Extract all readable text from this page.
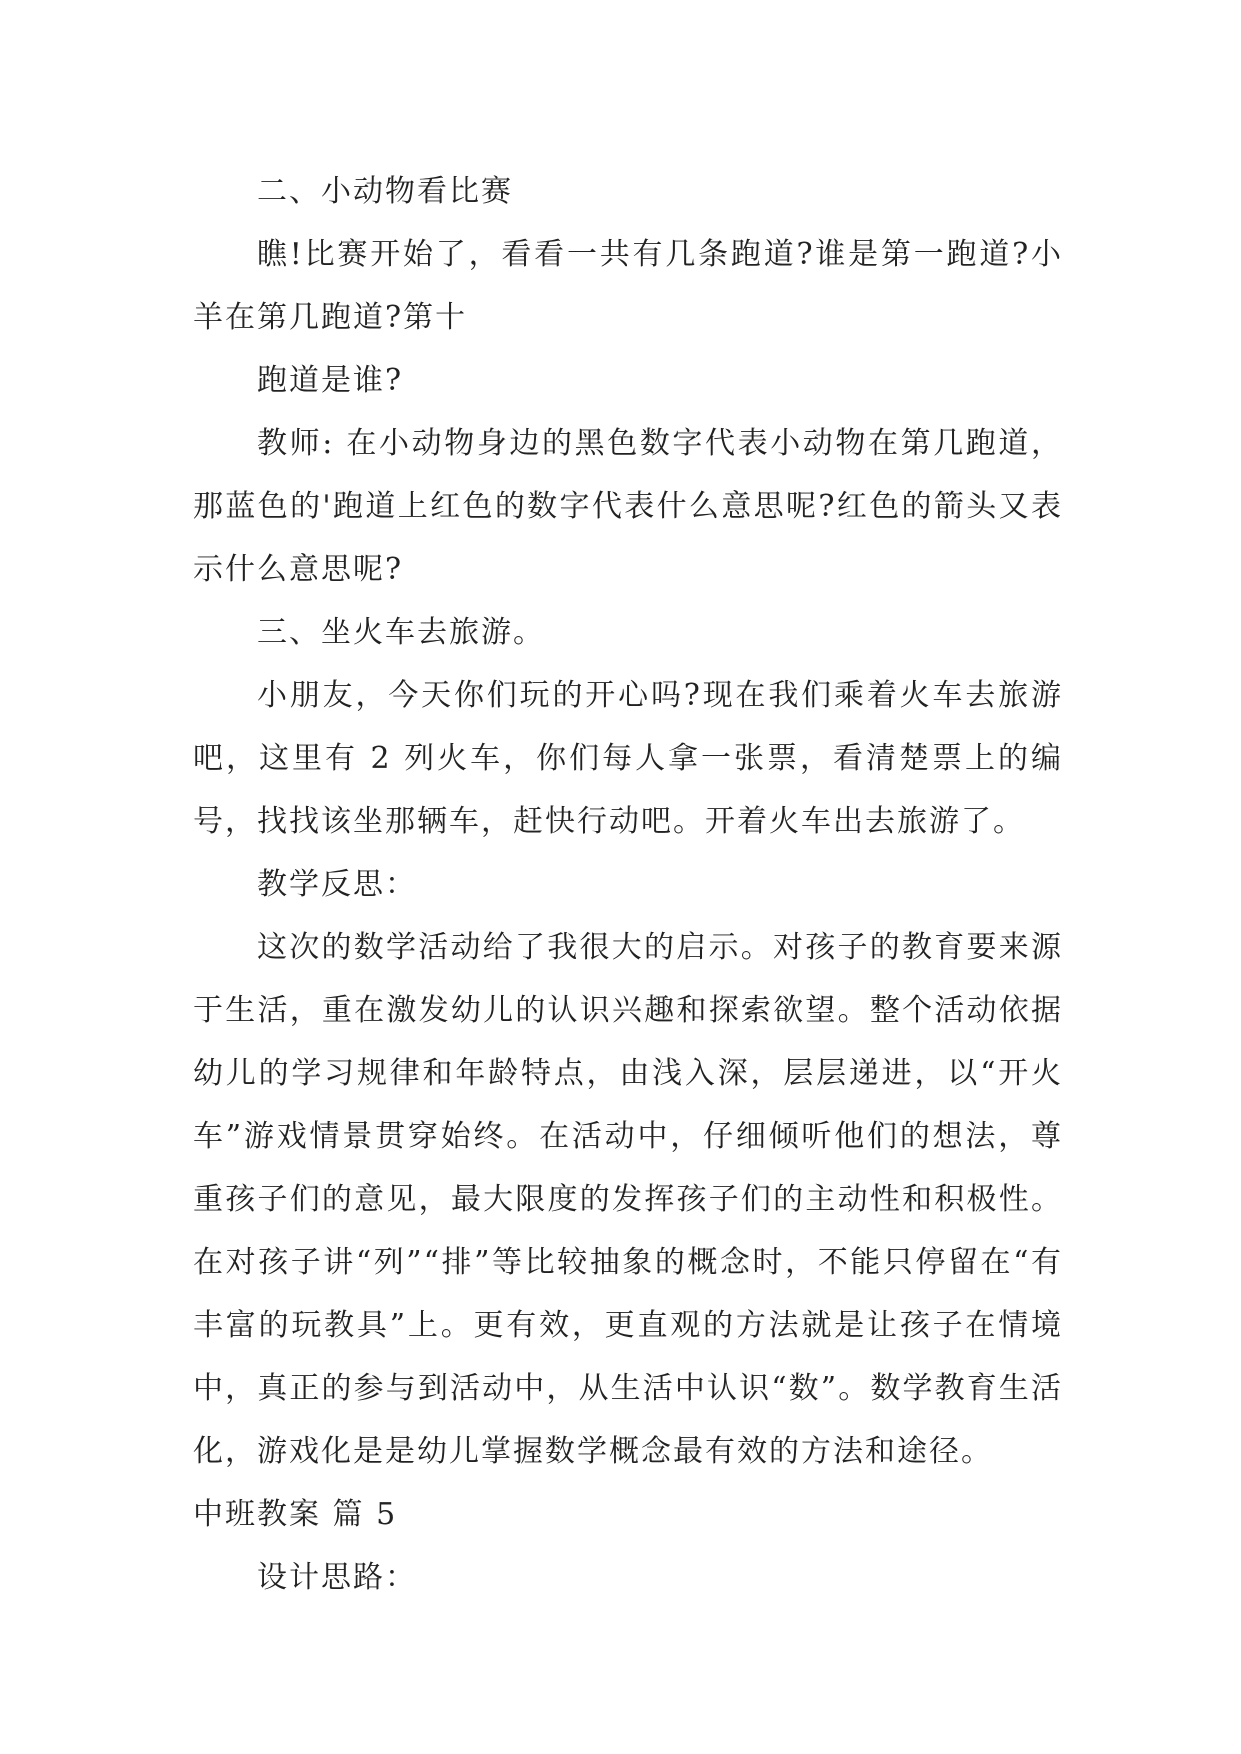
二、小动物看比赛

瞧!比赛开始了，看看一共有几条跑道?谁是第一跑道?小羊在第几跑道?第十

跑道是谁?

教师: 在小动物身边的黑色数字代表小动物在第几跑道，那蓝色的'跑道上红色的数字代表什么意思呢?红色的箭头又表示什么意思呢?

三、坐火车去旅游。

小朋友，今天你们玩的开心吗?现在我们乘着火车去旅游吧，这里有 2 列火车，你们每人拿一张票，看清楚票上的编号，找找该坐那辆车，赶快行动吧。开着火车出去旅游了。

教学反思：

这次的数学活动给了我很大的启示。对孩子的教育要来源于生活，重在激发幼儿的认识兴趣和探索欲望。整个活动依据幼儿的学习规律和年龄特点，由浅入深，层层递进，以“开火车”游戏情景贯穿始终。在活动中，仔细倾听他们的想法，尊重孩子们的意见，最大限度的发挥孩子们的主动性和积极性。在对孩子讲“列”“排”等比较抽象的概念时，不能只停留在“有丰富的玩教具”上。更有效，更直观的方法就是让孩子在情境中，真正的参与到活动中，从生活中认识“数”。数学教育生活化，游戏化是是幼儿掌握数学概念最有效的方法和途径。

中班教案 篇 5

设计思路：
